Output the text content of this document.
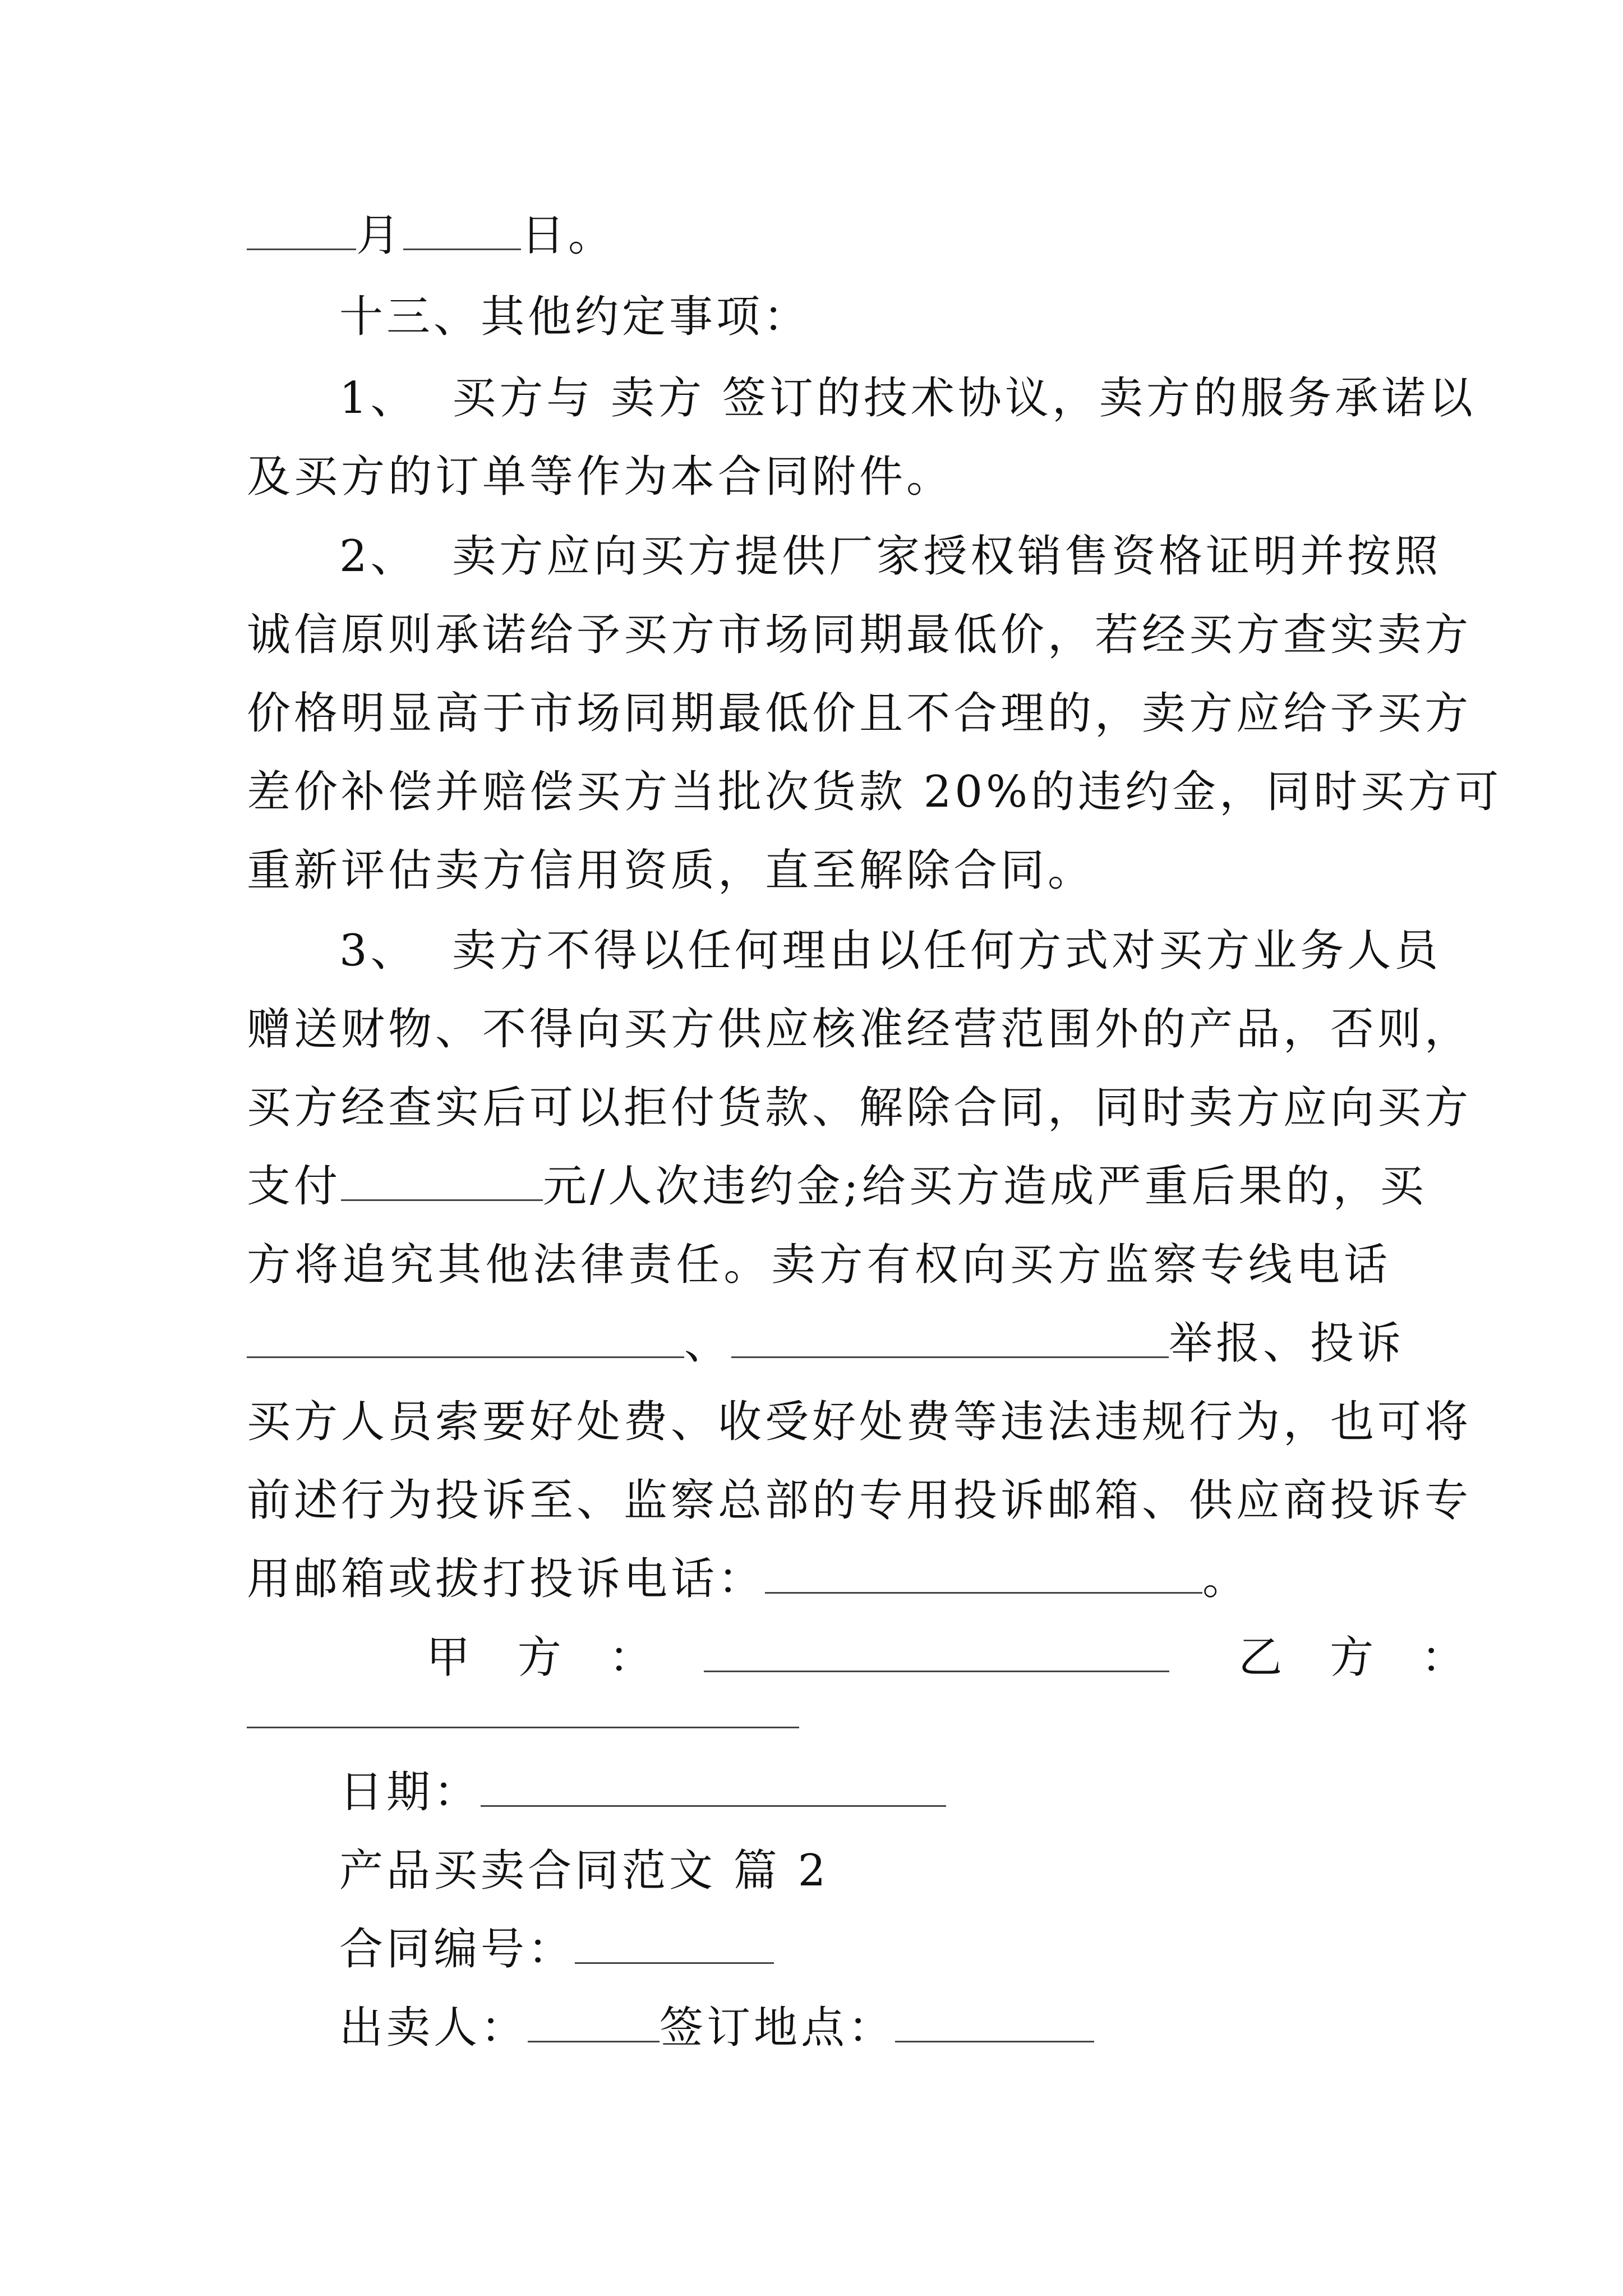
月	日。
十三、其他约定事项：
1、 买方与 卖方 签订的技术协议，卖方的服务承诺以
及买方的订单等作为本合同附件。
2、 卖方应向买方提供厂家授权销售资格证明并按照
诚信原则承诺给予买方市场同期最低价，若经买方查实卖方
价格明显高于市场同期最低价且不合理的，卖方应给予买方
差价补偿并赔偿买方当批次货款 20%的违约金，同时买方可
重新评估卖方信用资质，直至解除合同。
3、 卖方不得以任何理由以任何方式对买方业务人员
赠送财物、不得向买方供应核准经营范围外的产品，否则，
买方经查实后可以拒付货款、解除合同，同时卖方应向买方
支付	元/人次违约金;给买方造成严重后果的，买
方将追究其他法律责任。卖方有权向买方监察专线电话
、	举报、投诉
买方人员索要好处费、收受好处费等违法违规行为，也可将
前述行为投诉至、监察总部的专用投诉邮箱、供应商投诉专
用邮箱或拔打投诉电话：	。
甲 方 ：	乙 方 ：
日期：
产品买卖合同范文 篇 2
合同编号：
出卖人：	签订地点：
